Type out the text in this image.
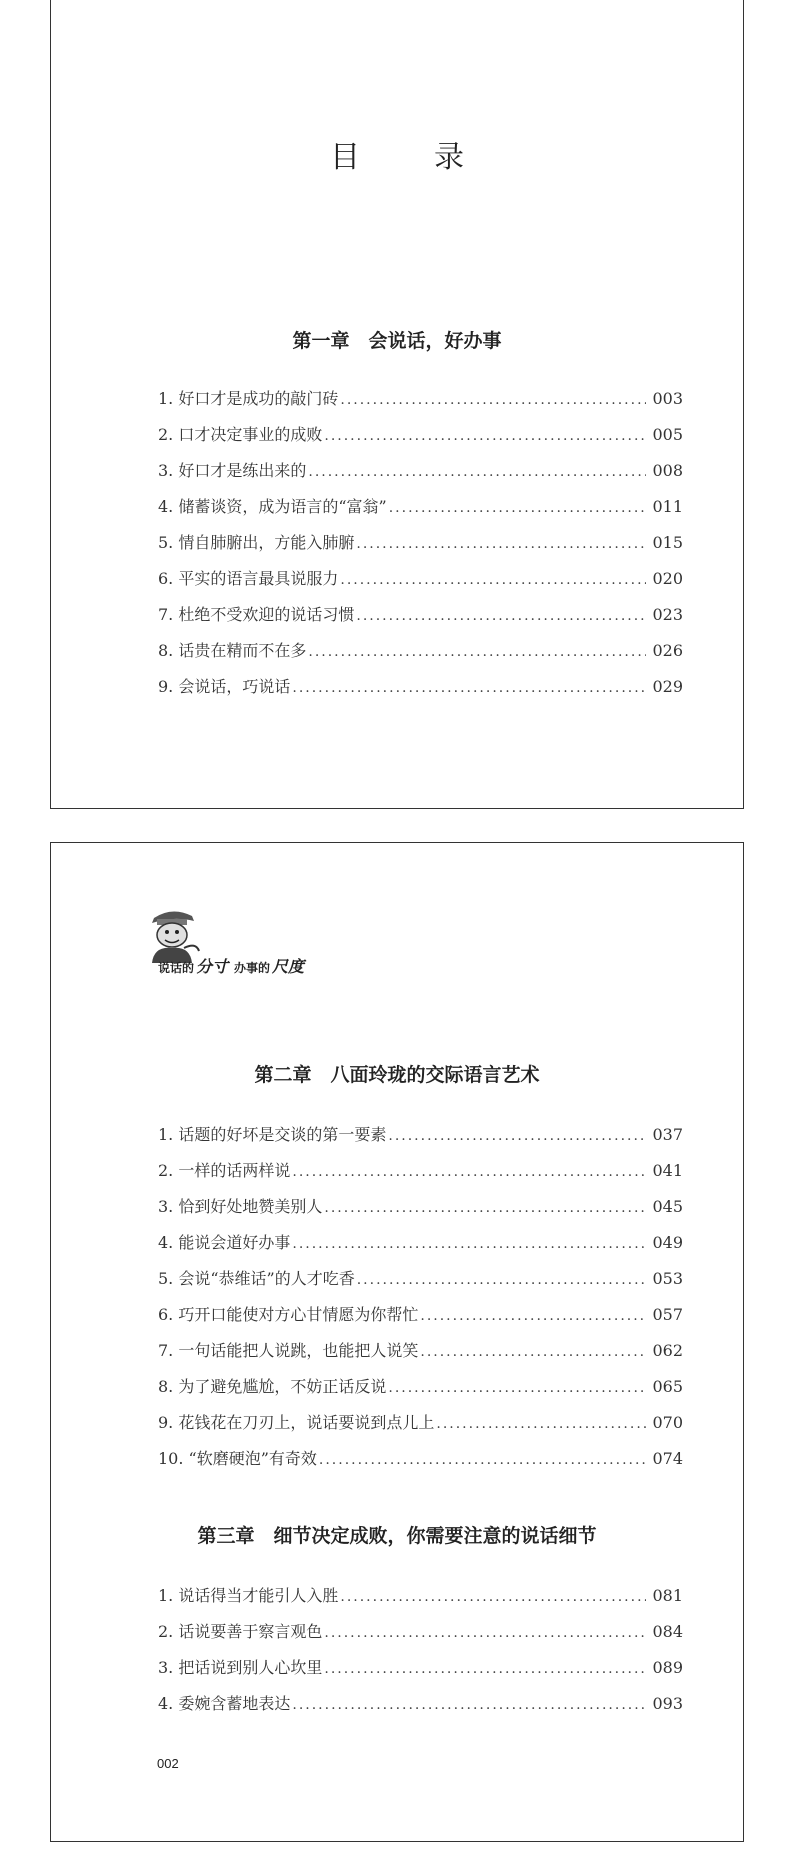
目　录
第一章　会说话，好办事
1. 好口才是成功的敲门砖 .....	003
2. 口才决定事业的成败 .....	005
3. 好口才是练出来的 .....	008
4. 储蓄谈资，成为语言的“富翁” .....	011
5. 情自肺腑出，方能入肺腑 .....	015
6. 平实的语言最具说服力 .....	020
7. 杜绝不受欢迎的说话习惯 .....	023
8. 话贵在精而不在多 .....	026
9. 会说话，巧说话 .....	029
说话的 分寸 办事的 尺度
第二章　八面玲珑的交际语言艺术
1. 话题的好坏是交谈的第一要素 .....	037
2. 一样的话两样说 .....	041
3. 恰到好处地赞美别人 .....	045
4. 能说会道好办事 .....	049
5. 会说“恭维话”的人才吃香 .....	053
6. 巧开口能使对方心甘情愿为你帮忙 .....	057
7. 一句话能把人说跳，也能把人说笑 .....	062
8. 为了避免尴尬，不妨正话反说 .....	065
9. 花钱花在刀刃上，说话要说到点儿上 .....	070
10. “软磨硬泡”有奇效 .....	074
第三章　细节决定成败，你需要注意的说话细节
1. 说话得当才能引人入胜 .....	081
2. 话说要善于察言观色 .....	084
3. 把话说到别人心坎里 .....	089
4. 委婉含蓄地表达 .....	093
002
